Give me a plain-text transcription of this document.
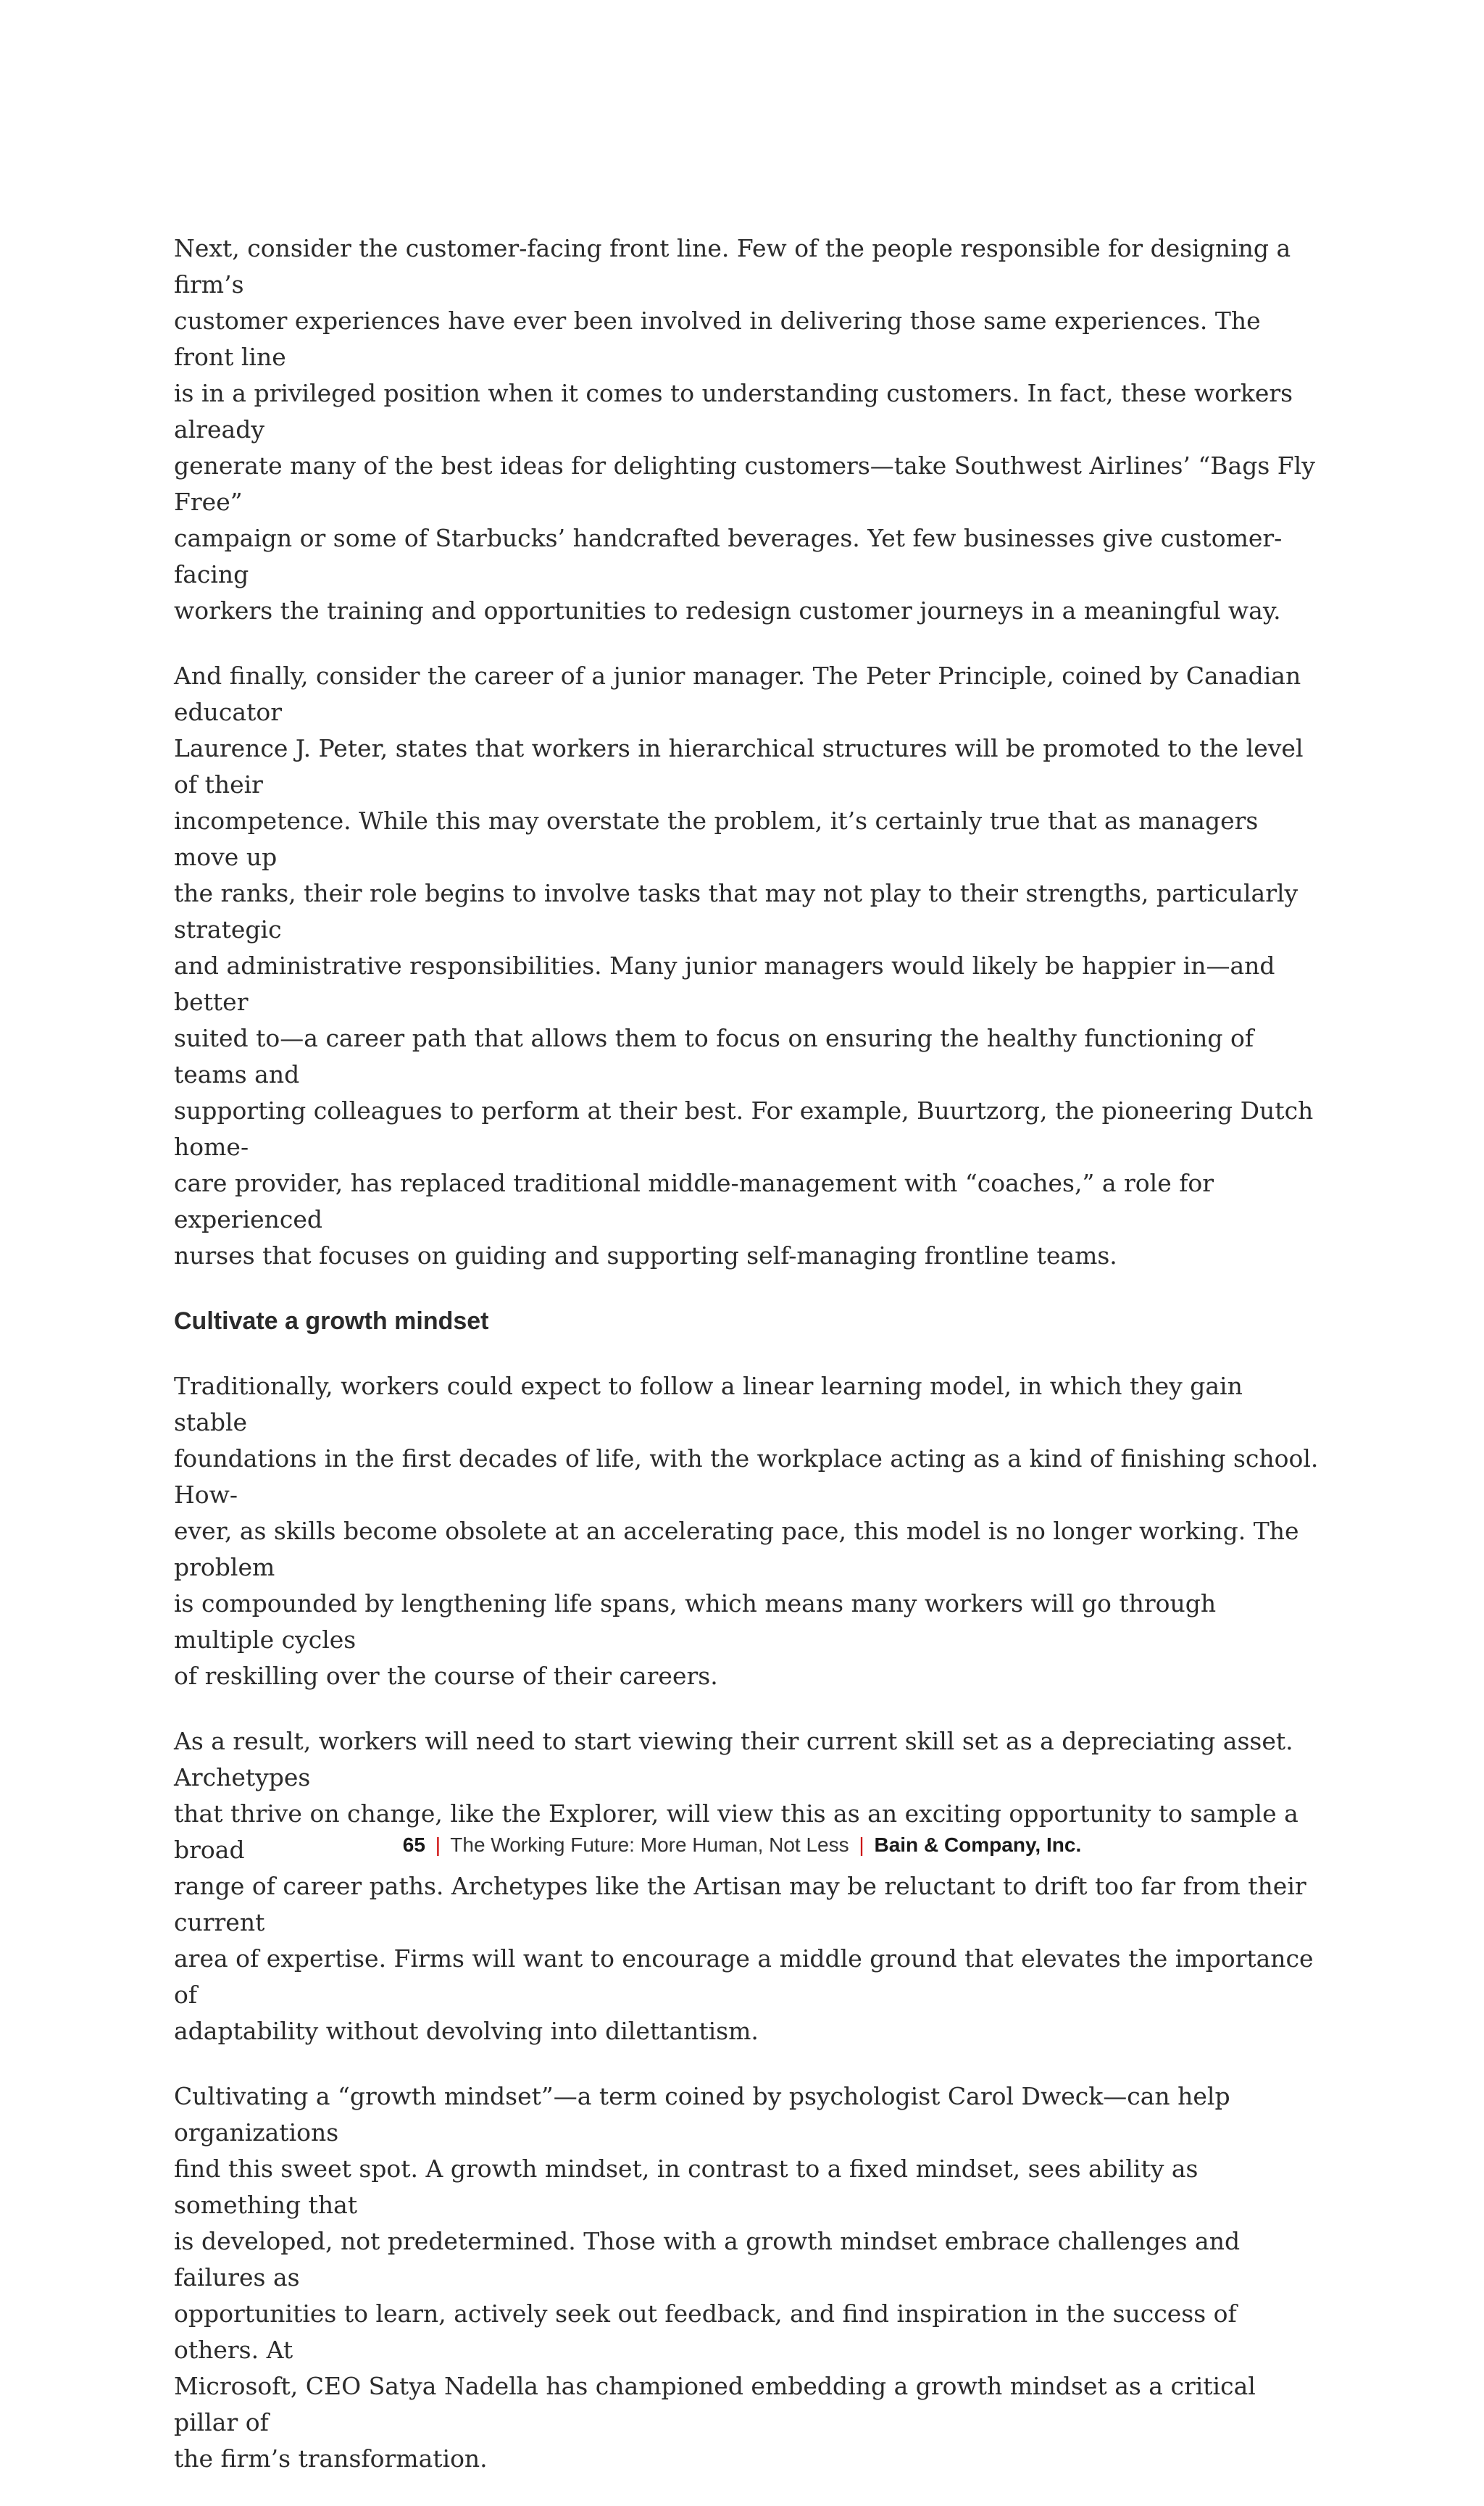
Next, consider the customer-facing front line. Few of the people responsible for designing a firm’s
customer experiences have ever been involved in delivering those same experiences. The front line
is in a privileged position when it comes to understanding customers. In fact, these workers already
generate many of the best ideas for delighting customers—take Southwest Airlines’ “Bags Fly Free”
campaign or some of Starbucks’ handcrafted beverages. Yet few businesses give customer-facing
workers the training and opportunities to redesign customer journeys in a meaningful way.

And finally, consider the career of a junior manager. The Peter Principle, coined by Canadian educator
Laurence J. Peter, states that workers in hierarchical structures will be promoted to the level of their
incompetence. While this may overstate the problem, it’s certainly true that as managers move up
the ranks, their role begins to involve tasks that may not play to their strengths, particularly strategic
and administrative responsibilities. Many junior managers would likely be happier in—and better
suited to—a career path that allows them to focus on ensuring the healthy functioning of teams and
supporting colleagues to perform at their best. For example, Buurtzorg, the pioneering Dutch home-
care provider, has replaced traditional middle-management with “coaches,” a role for experienced
nurses that focuses on guiding and supporting self-managing frontline teams.

Cultivate a growth mindset

Traditionally, workers could expect to follow a linear learning model, in which they gain stable
foundations in the first decades of life, with the workplace acting as a kind of finishing school. How-
ever, as skills become obsolete at an accelerating pace, this model is no longer working. The problem
is compounded by lengthening life spans, which means many workers will go through multiple cycles
of reskilling over the course of their careers.

As a result, workers will need to start viewing their current skill set as a depreciating asset. Archetypes
that thrive on change, like the Explorer, will view this as an exciting opportunity to sample a broad
range of career paths. Archetypes like the Artisan may be reluctant to drift too far from their current
area of expertise. Firms will want to encourage a middle ground that elevates the importance of
adaptability without devolving into dilettantism.

Cultivating a “growth mindset”—a term coined by psychologist Carol Dweck—can help organizations
find this sweet spot. A growth mindset, in contrast to a fixed mindset, sees ability as something that
is developed, not predetermined. Those with a growth mindset embrace challenges and failures as
opportunities to learn, actively seek out feedback, and find inspiration in the success of others. At
Microsoft, CEO Satya Nadella has championed embedding a growth mindset as a critical pillar of
the firm’s transformation.

65 | The Working Future: More Human, Not Less | Bain & Company, Inc.
